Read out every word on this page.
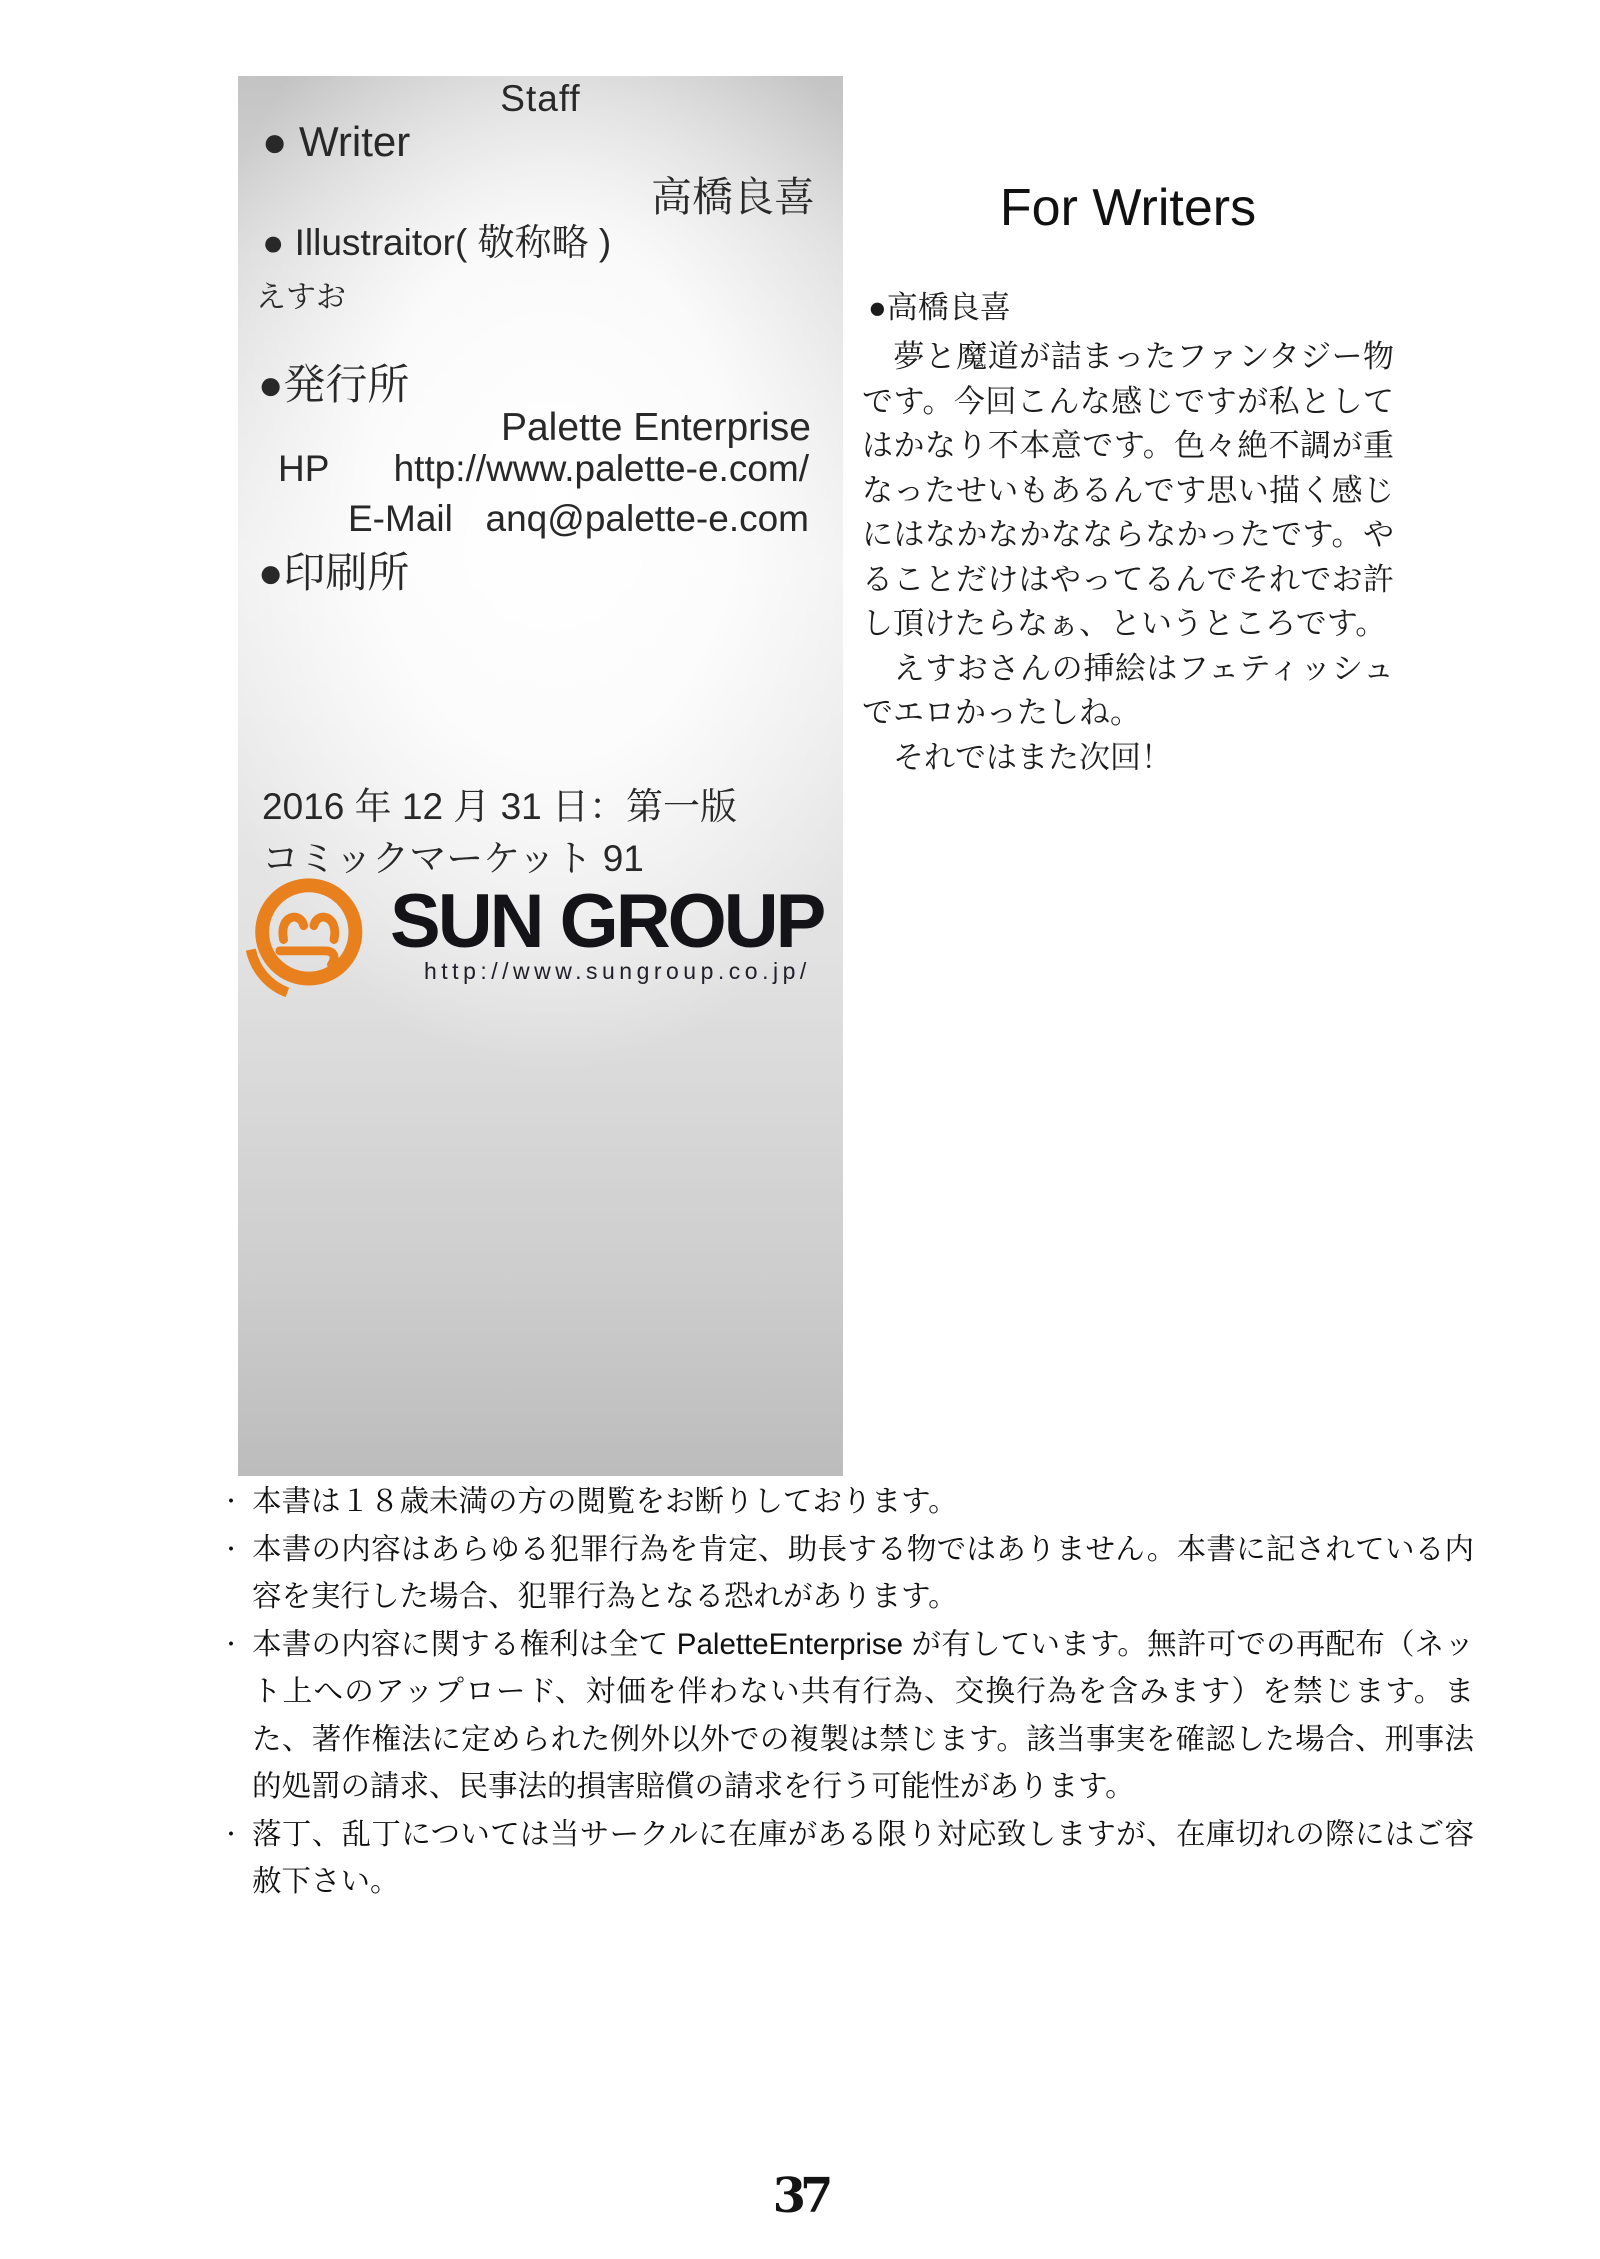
Staff
● Writer
高橋良喜
● Illustraitor( 敬称略 )
えすお
●発行所
Palette Enterprise
HP http://www.palette-e.com/
E-Mail anq@palette-e.com
●印刷所
2016 年 12 月 31 日：第一版
コミックマーケット 91
SUN GROUP
http://www.sungroup.co.jp/
For Writers
●高橋良喜

　夢と魔道が詰まったファンタジー物です。今回こんな感じですが私としてはかなり不本意です。色々絶不調が重なったせいもあるんです思い描く感じにはなかなかなならなかったです。やることだけはやってるんでそれでお許し頂けたらなぁ、というところです。

　えすおさんの挿絵はフェティッシュでエロかったしね。

　それではまた次回！

・ 本書は１８歳未満の方の閲覧をお断りしております。
・ 本書の内容はあらゆる犯罪行為を肯定、助長する物ではありません。本書に記されている内容を実行した場合、犯罪行為となる恐れがあります。
・ 本書の内容に関する権利は全て PaletteEnterprise が有しています。無許可での再配布（ネット上へのアップロード、対価を伴わない共有行為、交換行為を含みます）を禁じます。また、著作権法に定められた例外以外での複製は禁じます。該当事実を確認した場合、刑事法的処罰の請求、民事法的損害賠償の請求を行う可能性があります。
・ 落丁、乱丁については当サークルに在庫がある限り対応致しますが、在庫切れの際にはご容赦下さい。
37
